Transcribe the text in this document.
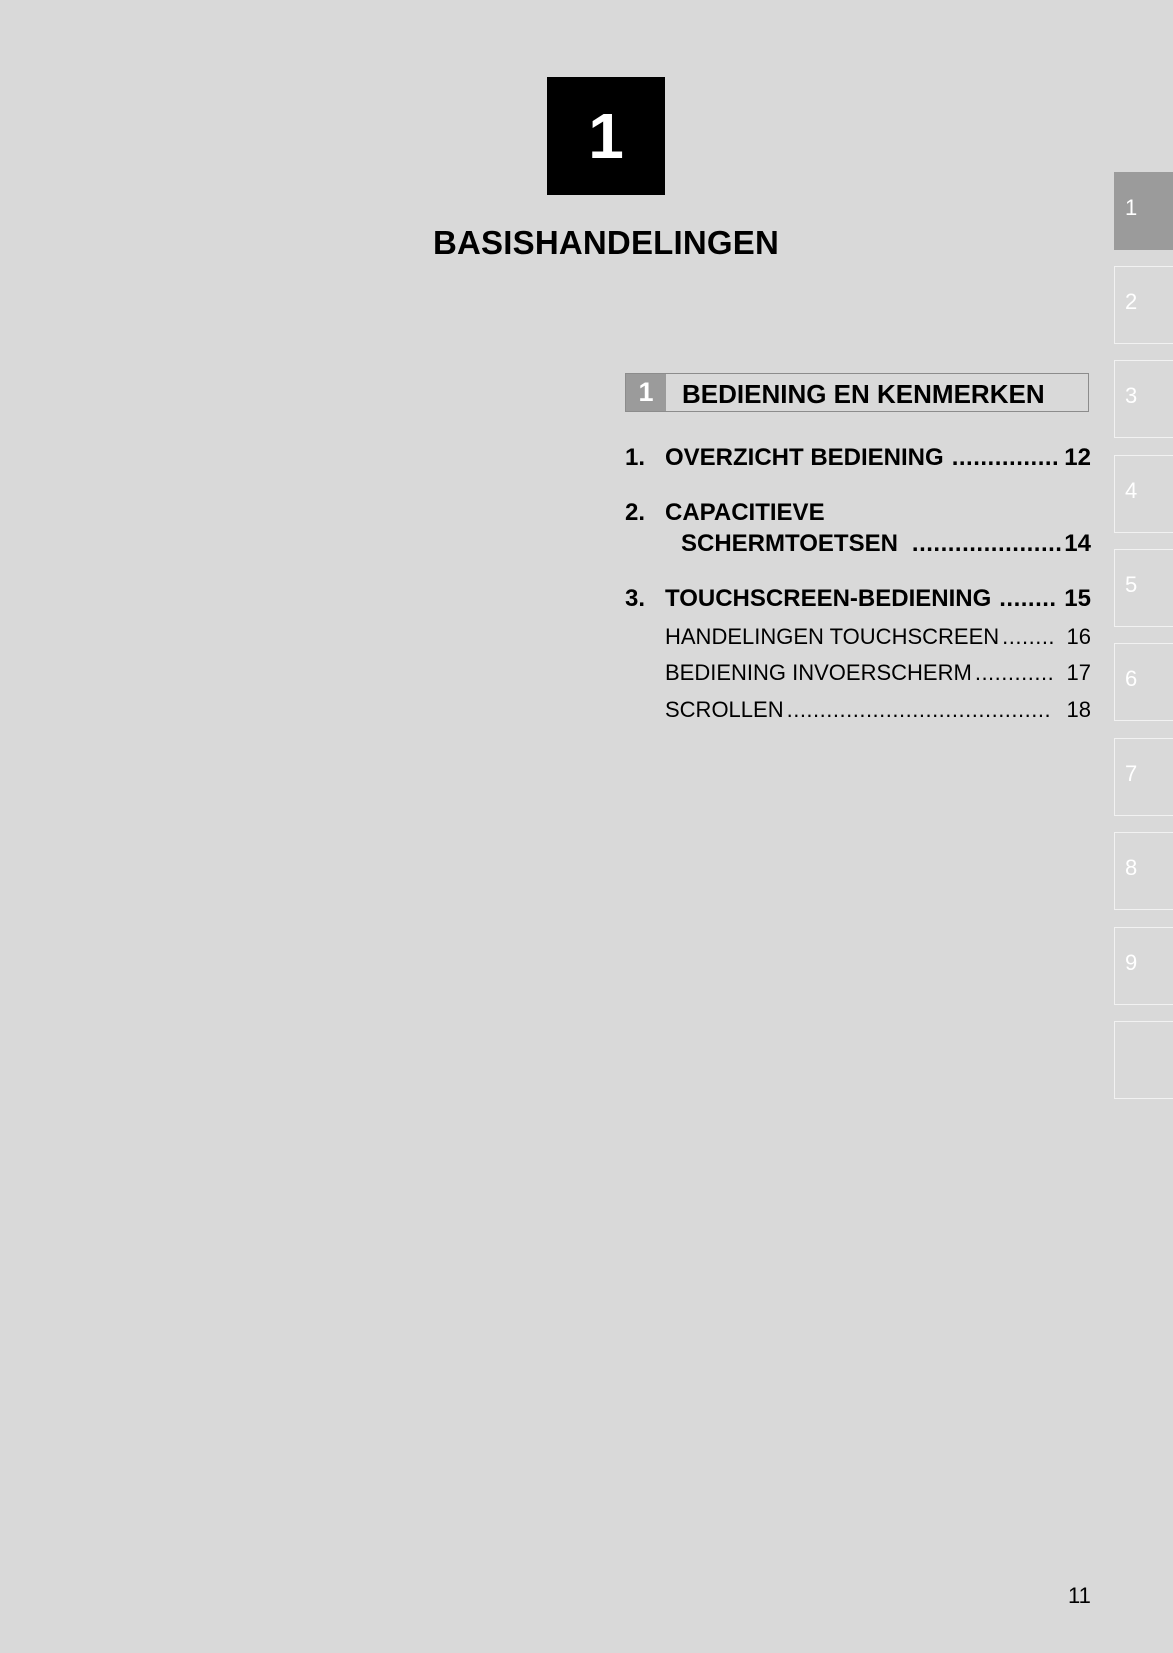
1
BASISHANDELINGEN
1	BEDIENING EN KENMERKEN
1. OVERZICHT BEDIENING .....	12
2. CAPACITIEVE
SCHERMTOETSEN .....	14
3. TOUCHSCREEN-BEDIENING .....	15
HANDELINGEN TOUCHSCREEN .....	16
BEDIENING INVOERSCHERM .....	17
SCROLLEN .....	18
1
2
3
4
5
6
7
8
9
11
